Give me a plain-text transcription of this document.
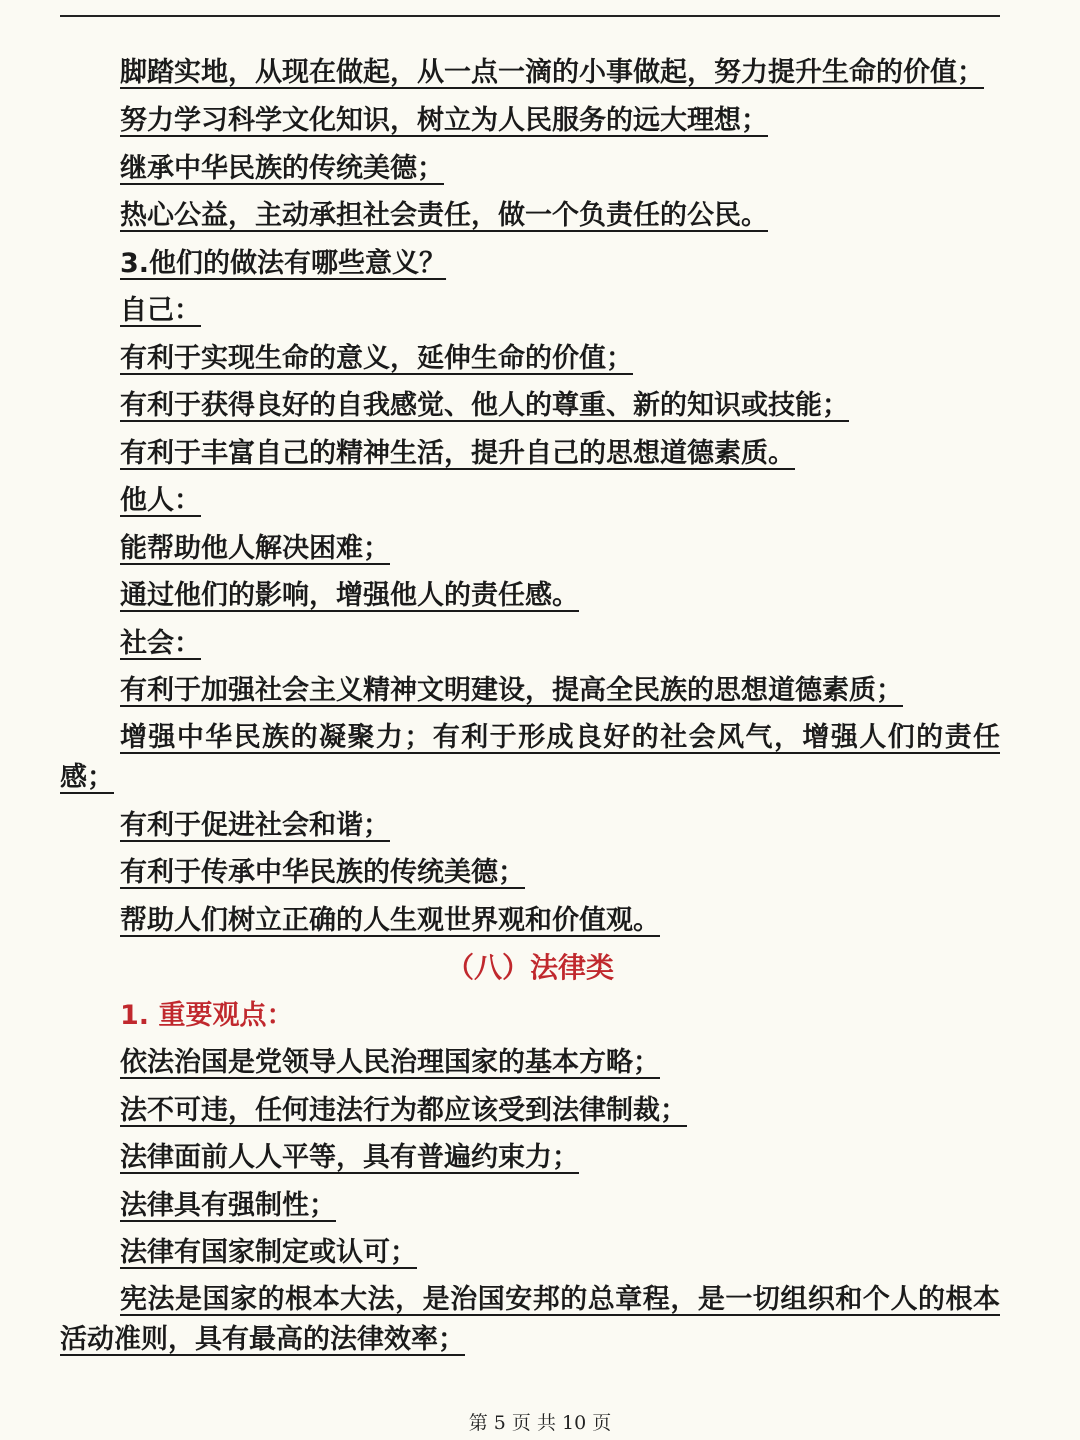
脚踏实地，从现在做起，从一点一滴的小事做起，努力提升生命的价值；
努力学习科学文化知识，树立为人民服务的远大理想；
继承中华民族的传统美德；
热心公益，主动承担社会责任，做一个负责任的公民。
3.他们的做法有哪些意义？
自己：
有利于实现生命的意义，延伸生命的价值；
有利于获得良好的自我感觉、他人的尊重、新的知识或技能；
有利于丰富自己的精神生活，提升自己的思想道德素质。
他人：
能帮助他人解决困难；
通过他们的影响，增强他人的责任感。
社会：
有利于加强社会主义精神文明建设，提高全民族的思想道德素质；
增强中华民族的凝聚力；有利于形成良好的社会风气，增强人们的责任感；
有利于促进社会和谐；
有利于传承中华民族的传统美德；
帮助人们树立正确的人生观世界观和价值观。
（八）法律类
1. 重要观点：
依法治国是党领导人民治理国家的基本方略；
法不可违，任何违法行为都应该受到法律制裁；
法律面前人人平等，具有普遍约束力；
法律具有强制性；
法律有国家制定或认可；
宪法是国家的根本大法，是治国安邦的总章程，是一切组织和个人的根本活动准则，具有最高的法律效率；
第 5 页 共 10 页
